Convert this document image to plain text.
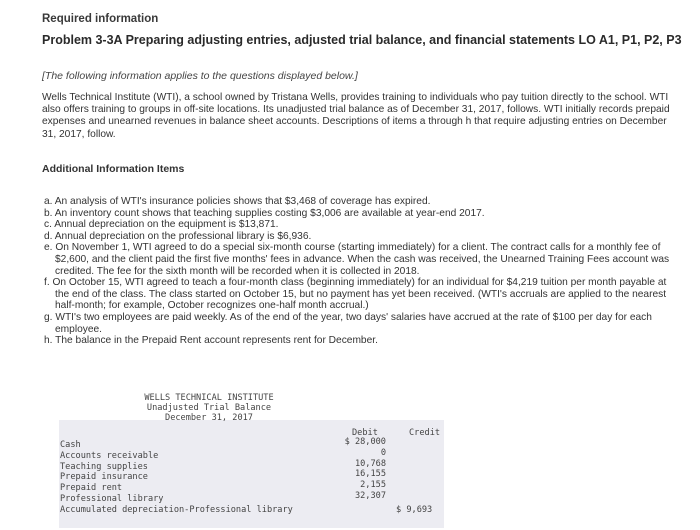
Required information
Problem 3-3A Preparing adjusting entries, adjusted trial balance, and financial statements LO A1, P1, P2, P3
[The following information applies to the questions displayed below.]
Wells Technical Institute (WTI), a school owned by Tristana Wells, provides training to individuals who pay tuition directly to the school. WTI also offers training to groups in off-site locations. Its unadjusted trial balance as of December 31, 2017, follows. WTI initially records prepaid expenses and unearned revenues in balance sheet accounts. Descriptions of items a through h that require adjusting entries on December 31, 2017, follow.
Additional Information Items
a. An analysis of WTI's insurance policies shows that $3,468 of coverage has expired.
b. An inventory count shows that teaching supplies costing $3,006 are available at year-end 2017.
c. Annual depreciation on the equipment is $13,871.
d. Annual depreciation on the professional library is $6,936.
e. On November 1, WTI agreed to do a special six-month course (starting immediately) for a client. The contract calls for a monthly fee of $2,600, and the client paid the first five months' fees in advance. When the cash was received, the Unearned Training Fees account was credited. The fee for the sixth month will be recorded when it is collected in 2018.
f. On October 15, WTI agreed to teach a four-month class (beginning immediately) for an individual for $4,219 tuition per month payable at the end of the class. The class started on October 15, but no payment has yet been received. (WTI's accruals are applied to the nearest half-month; for example, October recognizes one-half month accrual.)
g. WTI's two employees are paid weekly. As of the end of the year, two days' salaries have accrued at the rate of $100 per day for each employee.
h. The balance in the Prepaid Rent account represents rent for December.
WELLS TECHNICAL INSTITUTE
Unadjusted Trial Balance
December 31, 2017
Debit	Credit
Cash
Accounts receivable
Teaching supplies
Prepaid insurance
Prepaid rent
Professional library
Accumulated depreciation-Professional library
$ 28,000
0
10,768
16,155
2,155
32,307

$ 9,693
